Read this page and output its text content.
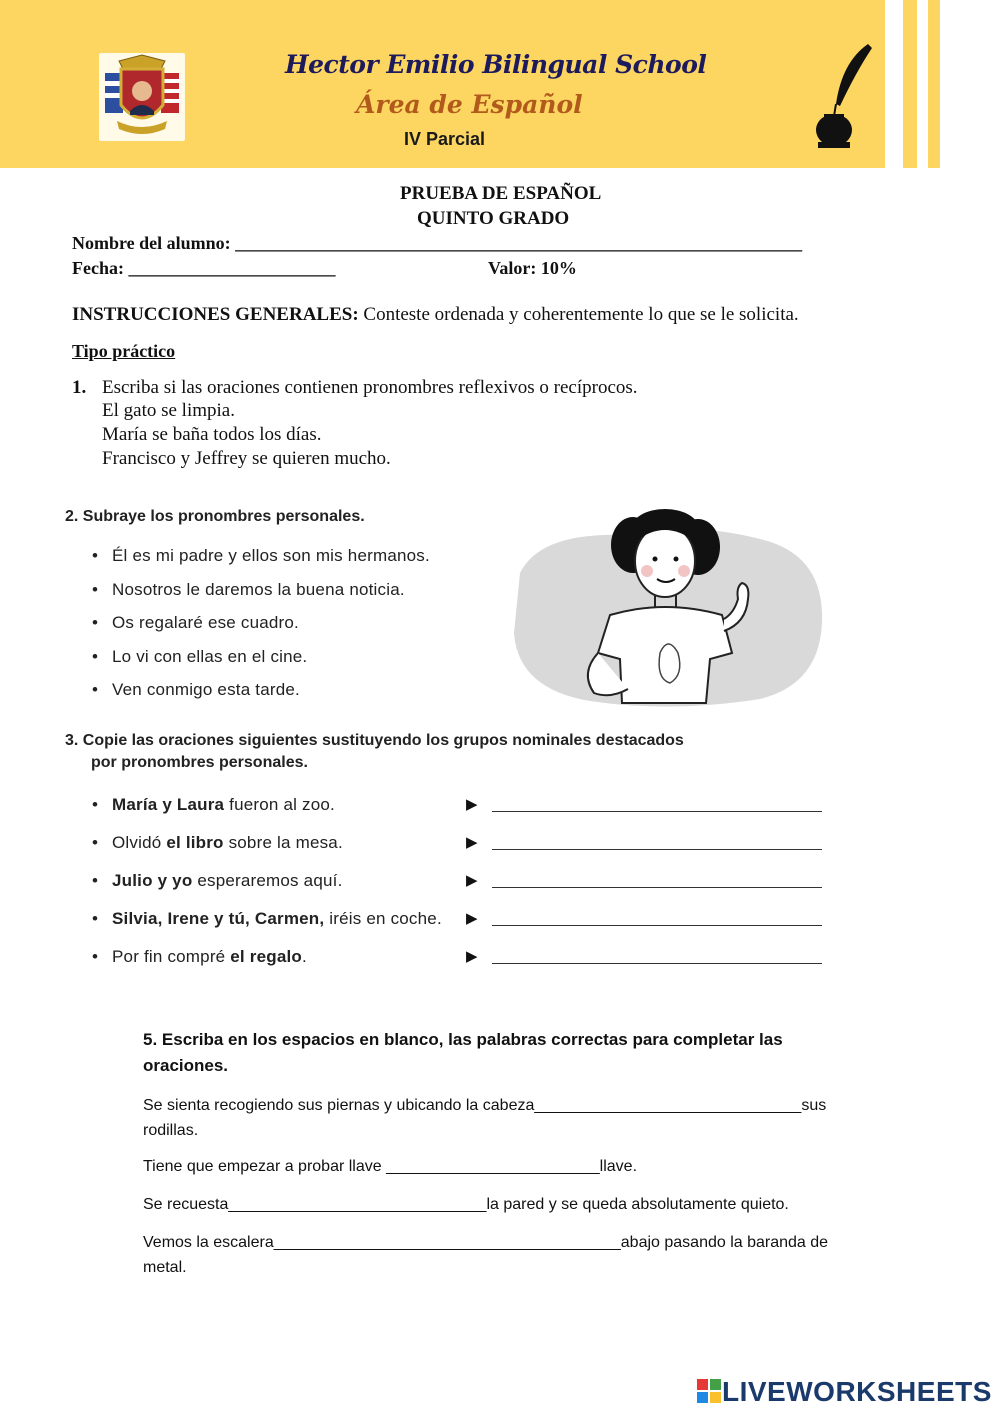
Hector Emilio Bilingual School
Área de Español
IV Parcial
PRUEBA DE ESPAÑOL
QUINTO GRADO
Nombre del alumno: _______________________________________________________________
Fecha: _______________________	Valor: 10%
INSTRUCCIONES GENERALES: Conteste ordenada y coherentemente lo que se le solicita.
Tipo práctico
1. Escriba si las oraciones contienen pronombres reflexivos o recíprocos.
El gato se limpia.
María se baña todos los días.
Francisco y Jeffrey se quieren mucho.
2. Subraye los pronombres personales.
• Él es mi padre y ellos son mis hermanos.
• Nosotros le daremos la buena noticia.
• Os regalaré ese cuadro.
• Lo vi con ellas en el cine.
• Ven conmigo esta tarde.
3. Copie las oraciones siguientes sustituyendo los grupos nominales destacados
por pronombres personales.
• María y Laura fueron al zoo.
• Olvidó el libro sobre la mesa.
• Julio y yo esperaremos aquí.
• Silvia, Irene y tú, Carmen, iréis en coche.
• Por fin compré el regalo.
▶
▶
▶
▶
▶
5. Escriba en los espacios en blanco, las palabras correctas para completar las oraciones.
Se sienta recogiendo sus piernas y ubicando la cabeza______________________________sus rodillas.
Tiene que empezar a probar llave ________________________llave.
Se recuesta_____________________________la pared y se queda absolutamente quieto.
Vemos la escalera_______________________________________abajo pasando la baranda de metal.
LIVEWORKSHEETS
